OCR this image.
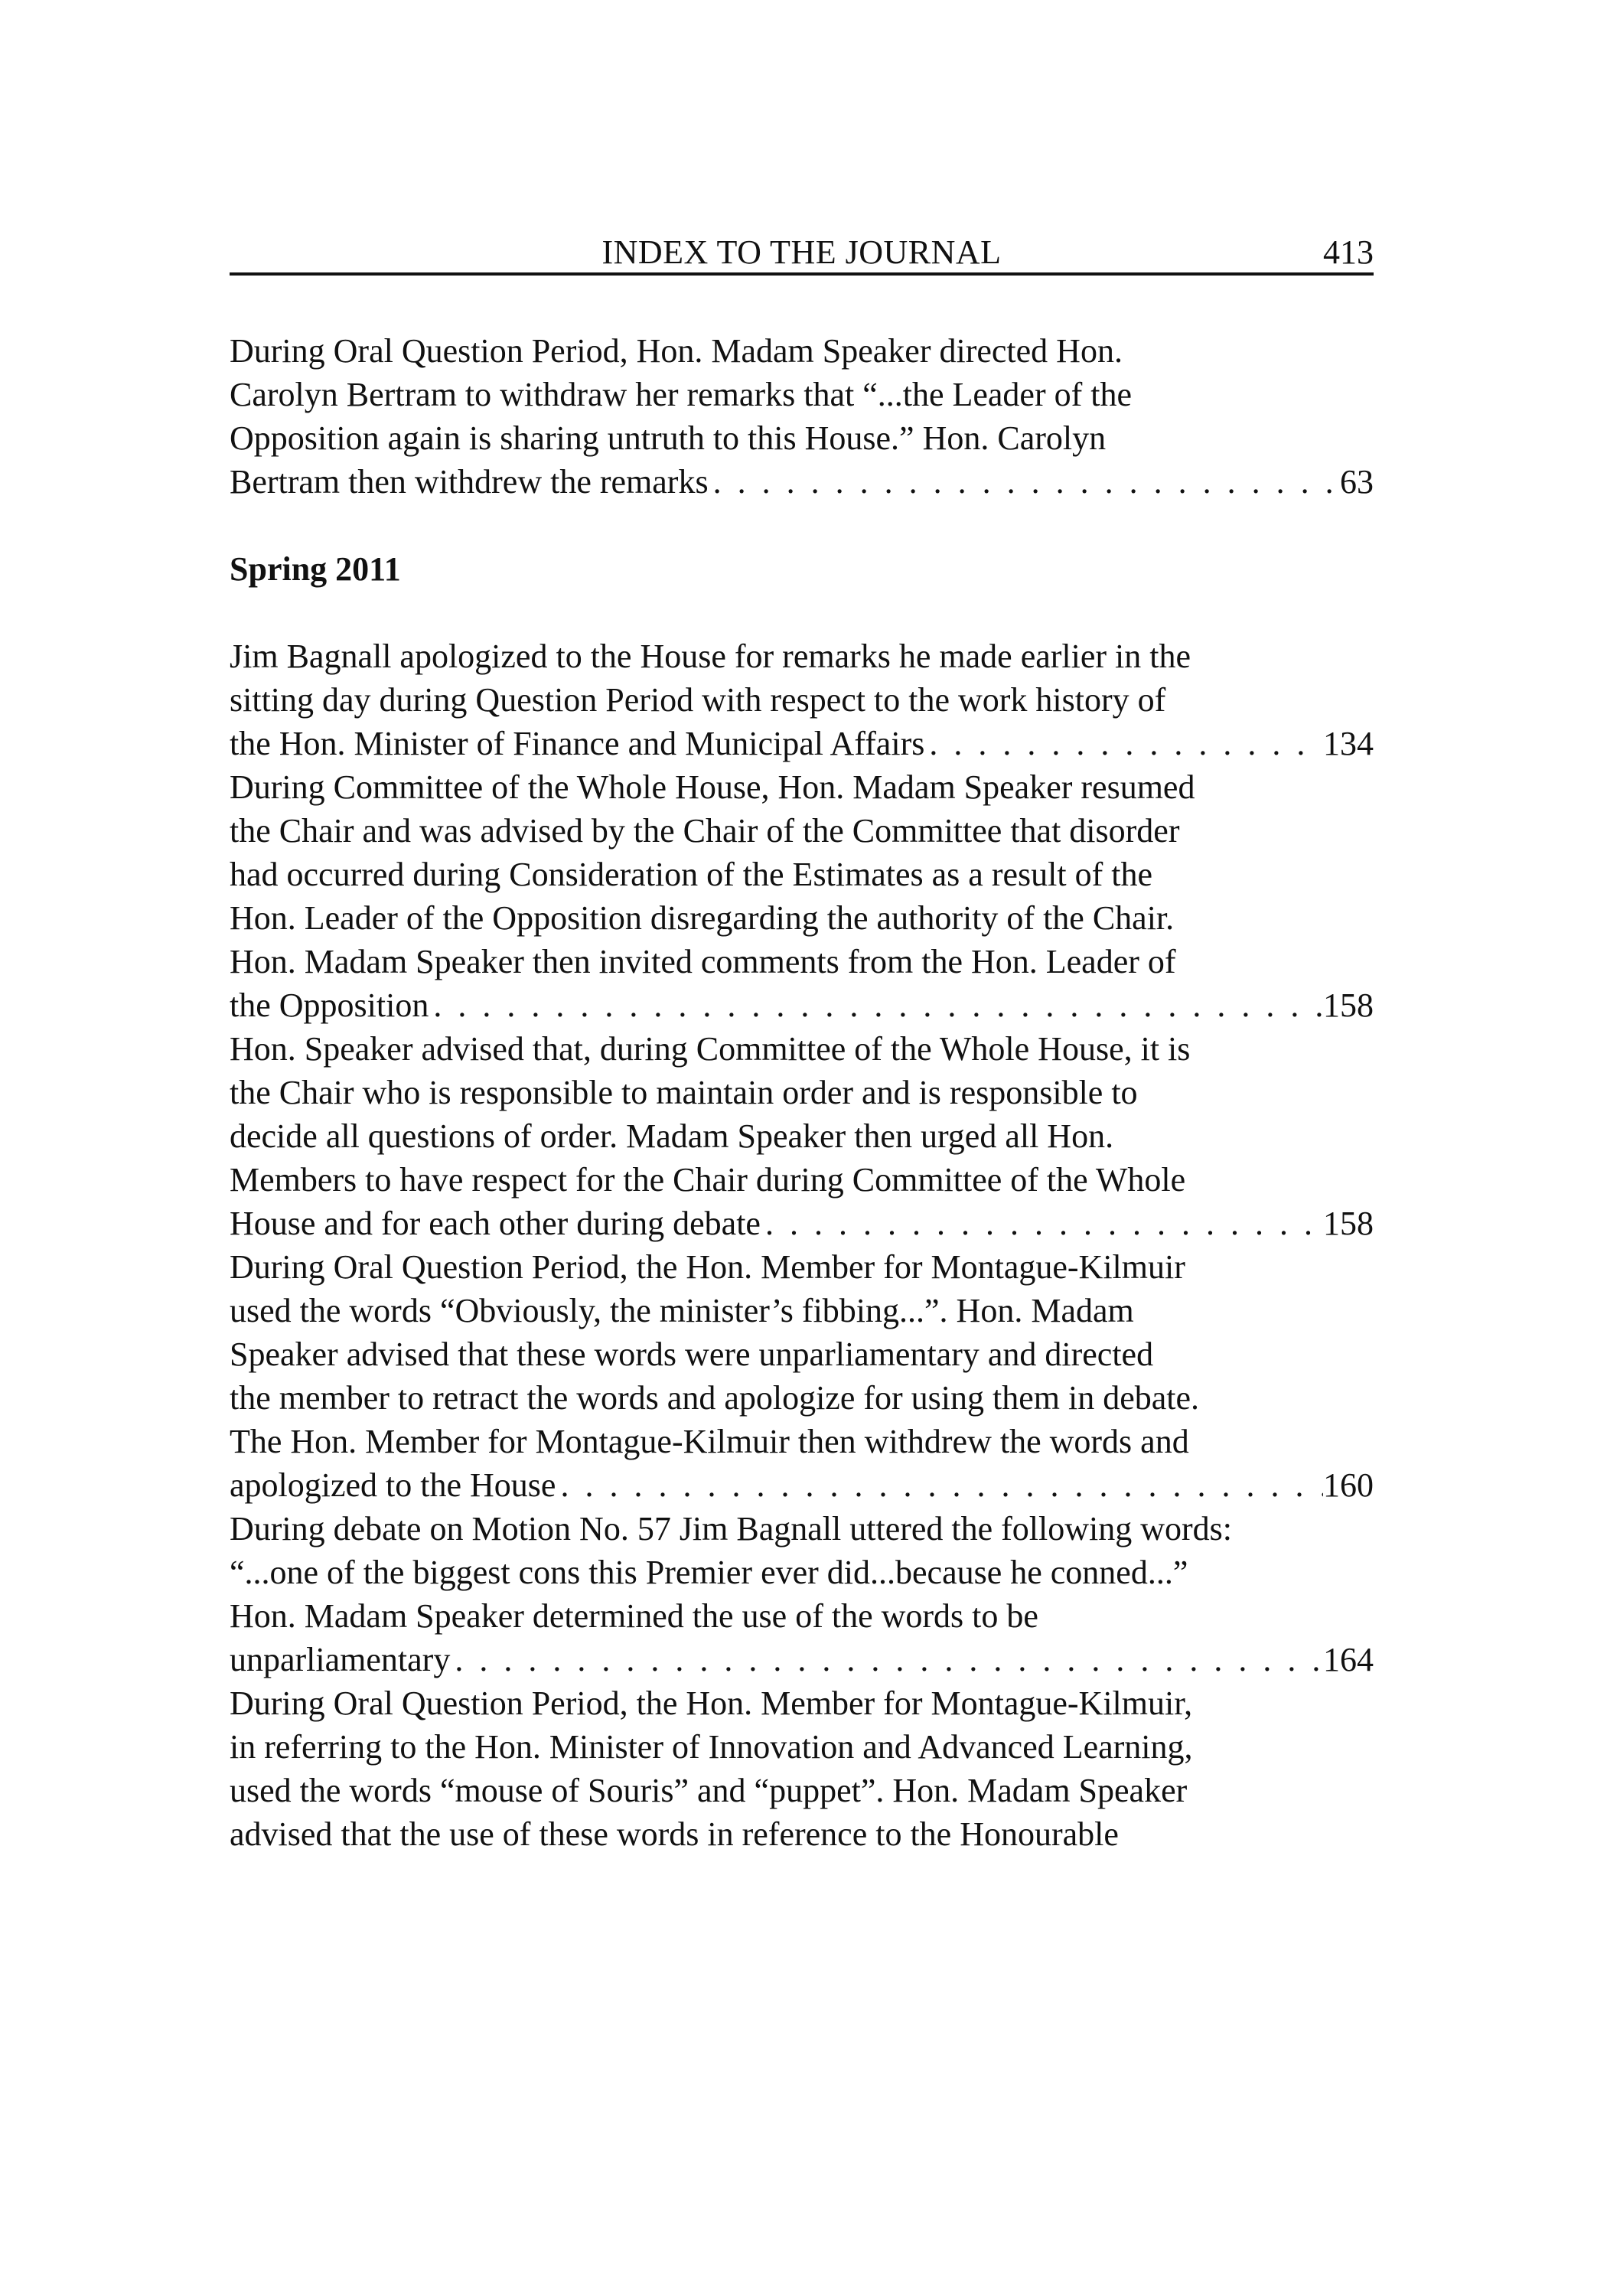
INDEX TO THE JOURNAL	413

During Oral Question Period, Hon. Madam Speaker directed Hon.
Carolyn Bertram to withdraw her remarks that “...the Leader of the
Opposition again is sharing untruth to this House.” Hon. Carolyn
Bertram then withdrew the remarks . . .	63

Spring 2011

Jim Bagnall apologized to the House for remarks he made earlier in the
sitting day during Question Period with respect to the work history of
the Hon. Minister of Finance and Municipal Affairs . . .	134

During Committee of the Whole House, Hon. Madam Speaker resumed
the Chair and was advised by the Chair of the Committee that disorder
had occurred during Consideration of the Estimates as a result of the
Hon. Leader of the Opposition disregarding the authority of the Chair.
Hon. Madam Speaker then invited comments from the Hon. Leader of
the Opposition . . .	158

Hon. Speaker advised that, during Committee of the Whole House, it is
the Chair who is responsible to maintain order and is responsible to
decide all questions of order. Madam Speaker then urged all Hon.
Members to have respect for the Chair during Committee of the Whole
House and for each other during debate . . .	158

During Oral Question Period, the Hon. Member for Montague-Kilmuir
used the words “Obviously, the minister’s fibbing...”. Hon. Madam
Speaker advised that these words were unparliamentary and directed
the member to retract the words and apologize for using them in debate.
The Hon. Member for Montague-Kilmuir then withdrew the words and
apologized to the House . . .	160

During debate on Motion No. 57 Jim Bagnall uttered the following words:
“...one of the biggest cons this Premier ever did...because he conned...”
Hon. Madam Speaker determined the use of the words to be
unparliamentary . . .	164

During Oral Question Period, the Hon. Member for Montague-Kilmuir,
in referring to the Hon. Minister of Innovation and Advanced Learning,
used the words “mouse of Souris” and “puppet”. Hon. Madam Speaker
advised that the use of these words in reference to the Honourable
